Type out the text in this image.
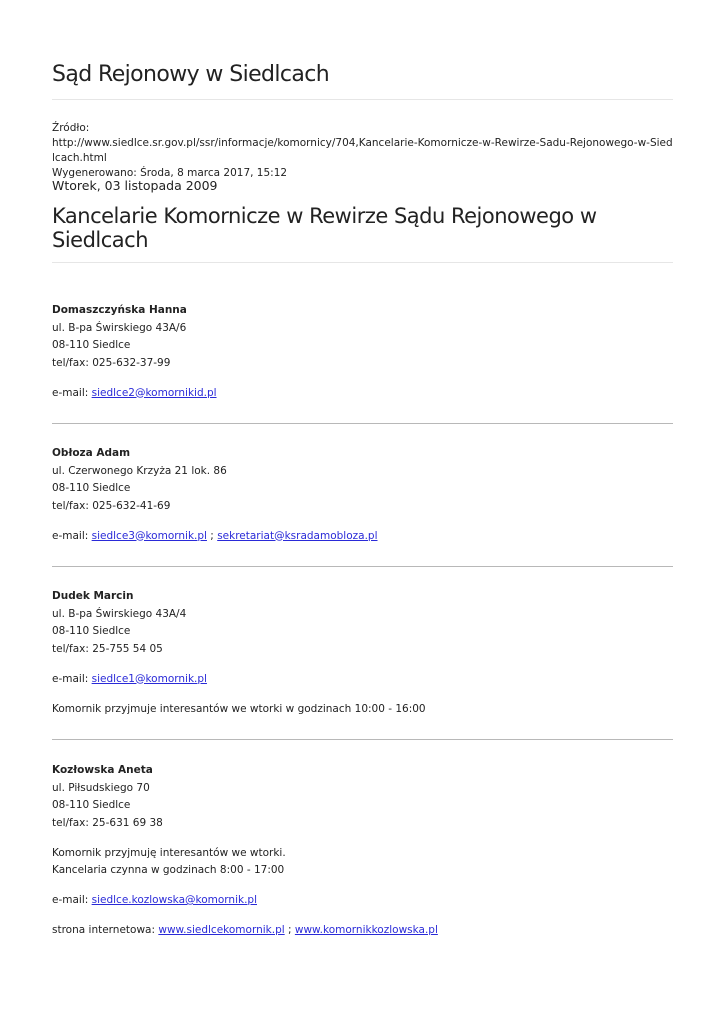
Sąd Rejonowy w Siedlcach
Źródło:
http://www.siedlce.sr.gov.pl/ssr/informacje/komornicy/704,Kancelarie-Komornicze-w-Rewirze-Sadu-Rejonowego-w-Siedlcach.html
Wygenerowano: Środa, 8 marca 2017, 15:12
Wtorek, 03 listopada 2009
Kancelarie Komornicze w Rewirze Sądu Rejonowego w Siedlcach
Domaszczyńska Hanna
ul. B-pa Świrskiego 43A/6
08-110 Siedlce
tel/fax: 025-632-37-99
e-mail: siedlce2@komornikid.pl
Obłoza Adam
ul. Czerwonego Krzyża 21 lok. 86
08-110 Siedlce
tel/fax: 025-632-41-69
e-mail: siedlce3@komornik.pl ; sekretariat@ksradamobloza.pl
Dudek Marcin
ul. B-pa Świrskiego 43A/4
08-110 Siedlce
tel/fax: 25-755 54 05
e-mail: siedlce1@komornik.pl
Komornik przyjmuje interesantów we wtorki w godzinach 10:00 - 16:00
Kozłowska Aneta
ul. Piłsudskiego 70
08-110 Siedlce
tel/fax: 25-631 69 38
Komornik przyjmuję interesantów we wtorki.
Kancelaria czynna w godzinach 8:00 - 17:00
e-mail: siedlce.kozlowska@komornik.pl
strona internetowa: www.siedlcekomornik.pl ; www.komornikkozlowska.pl
